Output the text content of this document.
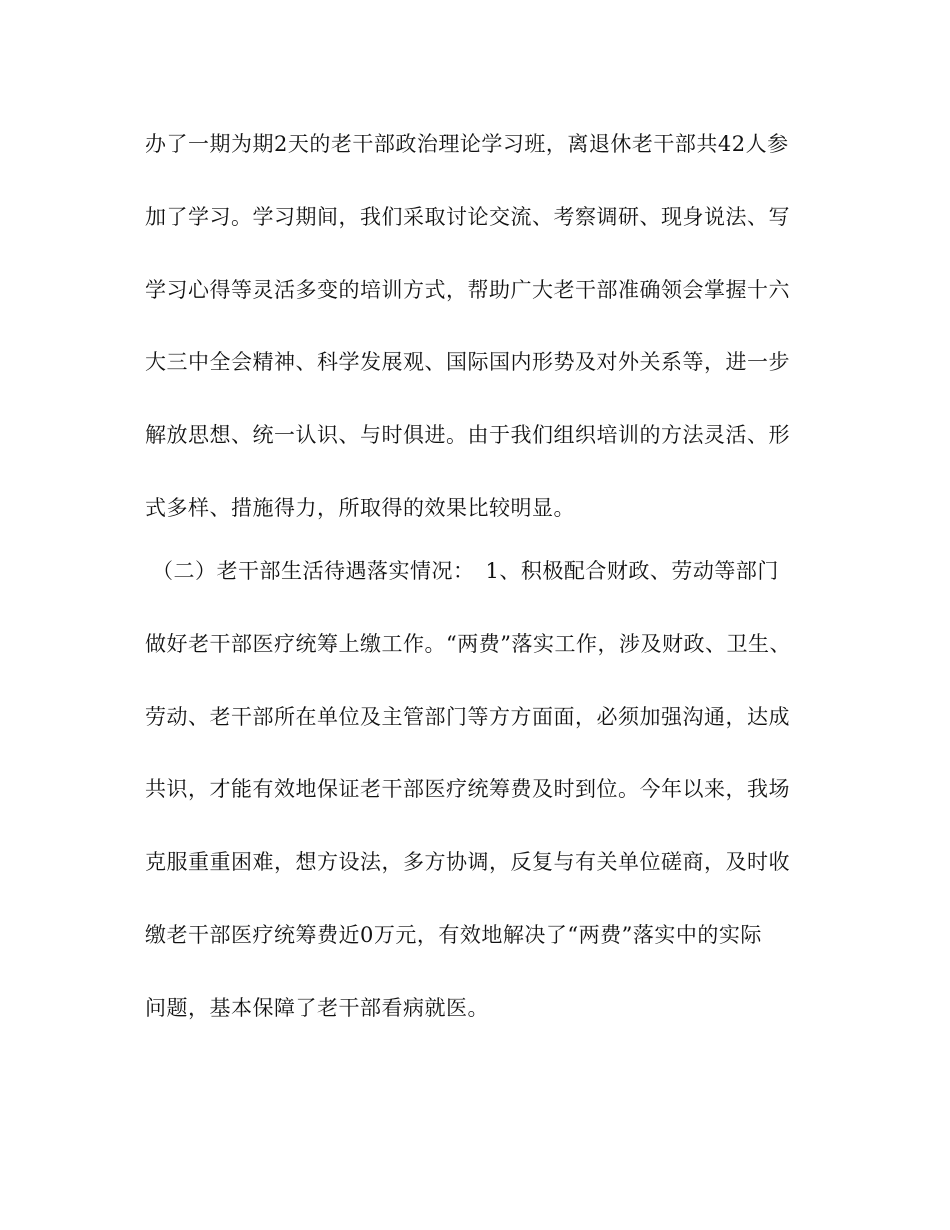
办了一期为期2天的老干部政治理论学习班，离退休老干部共42人参
加了学习。学习期间，我们采取讨论交流、考察调研、现身说法、写
学习心得等灵活多变的培训方式，帮助广大老干部准确领会掌握十六
大三中全会精神、科学发展观、国际国内形势及对外关系等，进一步
解放思想、统一认识、与时俱进。由于我们组织培训的方法灵活、形
式多样、措施得力，所取得的效果比较明显。
（二）老干部生活待遇落实情况：　1、积极配合财政、劳动等部门
做好老干部医疗统筹上缴工作。“两费”落实工作，涉及财政、卫生、
劳动、老干部所在单位及主管部门等方方面面，必须加强沟通，达成
共识，才能有效地保证老干部医疗统筹费及时到位。今年以来，我场
克服重重困难，想方设法，多方协调，反复与有关单位磋商，及时收
缴老干部医疗统筹费近0万元，有效地解决了“两费”落实中的实际
问题，基本保障了老干部看病就医。
